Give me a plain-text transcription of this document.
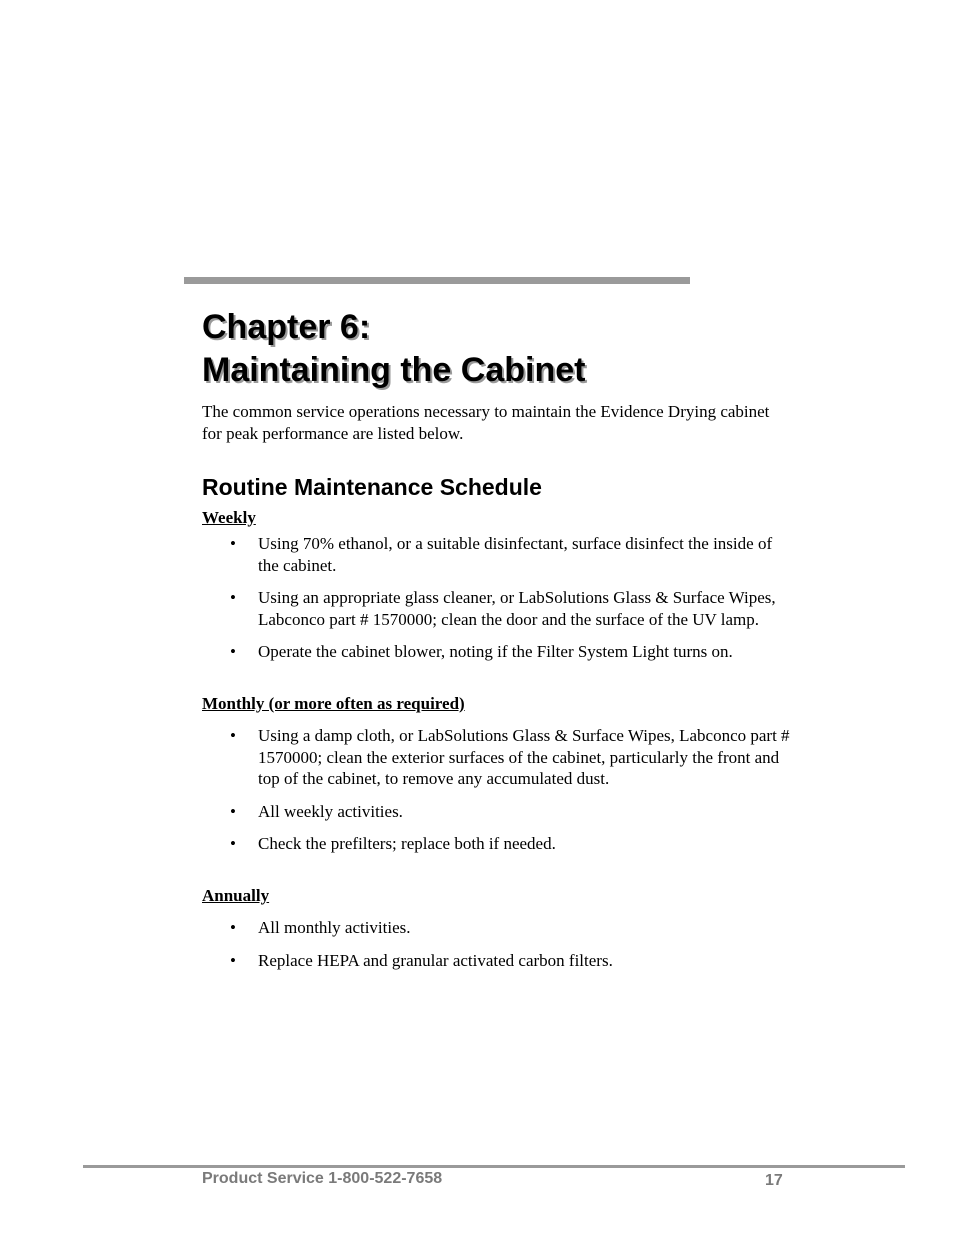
Chapter 6:
Maintaining the Cabinet

The common service operations necessary to maintain the Evidence Drying cabinet for peak performance are listed below.

Routine Maintenance Schedule

Weekly

• Using 70% ethanol, or a suitable disinfectant, surface disinfect the inside of the cabinet.
• Using an appropriate glass cleaner, or LabSolutions Glass & Surface Wipes, Labconco part # 1570000; clean the door and the surface of the UV lamp.
• Operate the cabinet blower, noting if the Filter System Light turns on.

Monthly (or more often as required)

• Using a damp cloth, or LabSolutions Glass & Surface Wipes, Labconco part # 1570000; clean the exterior surfaces of the cabinet, particularly the front and top of the cabinet, to remove any accumulated dust.
• All weekly activities.
• Check the prefilters; replace both if needed.

Annually

• All monthly activities.
• Replace HEPA and granular activated carbon filters.
Product Service 1-800-522-7658	17
